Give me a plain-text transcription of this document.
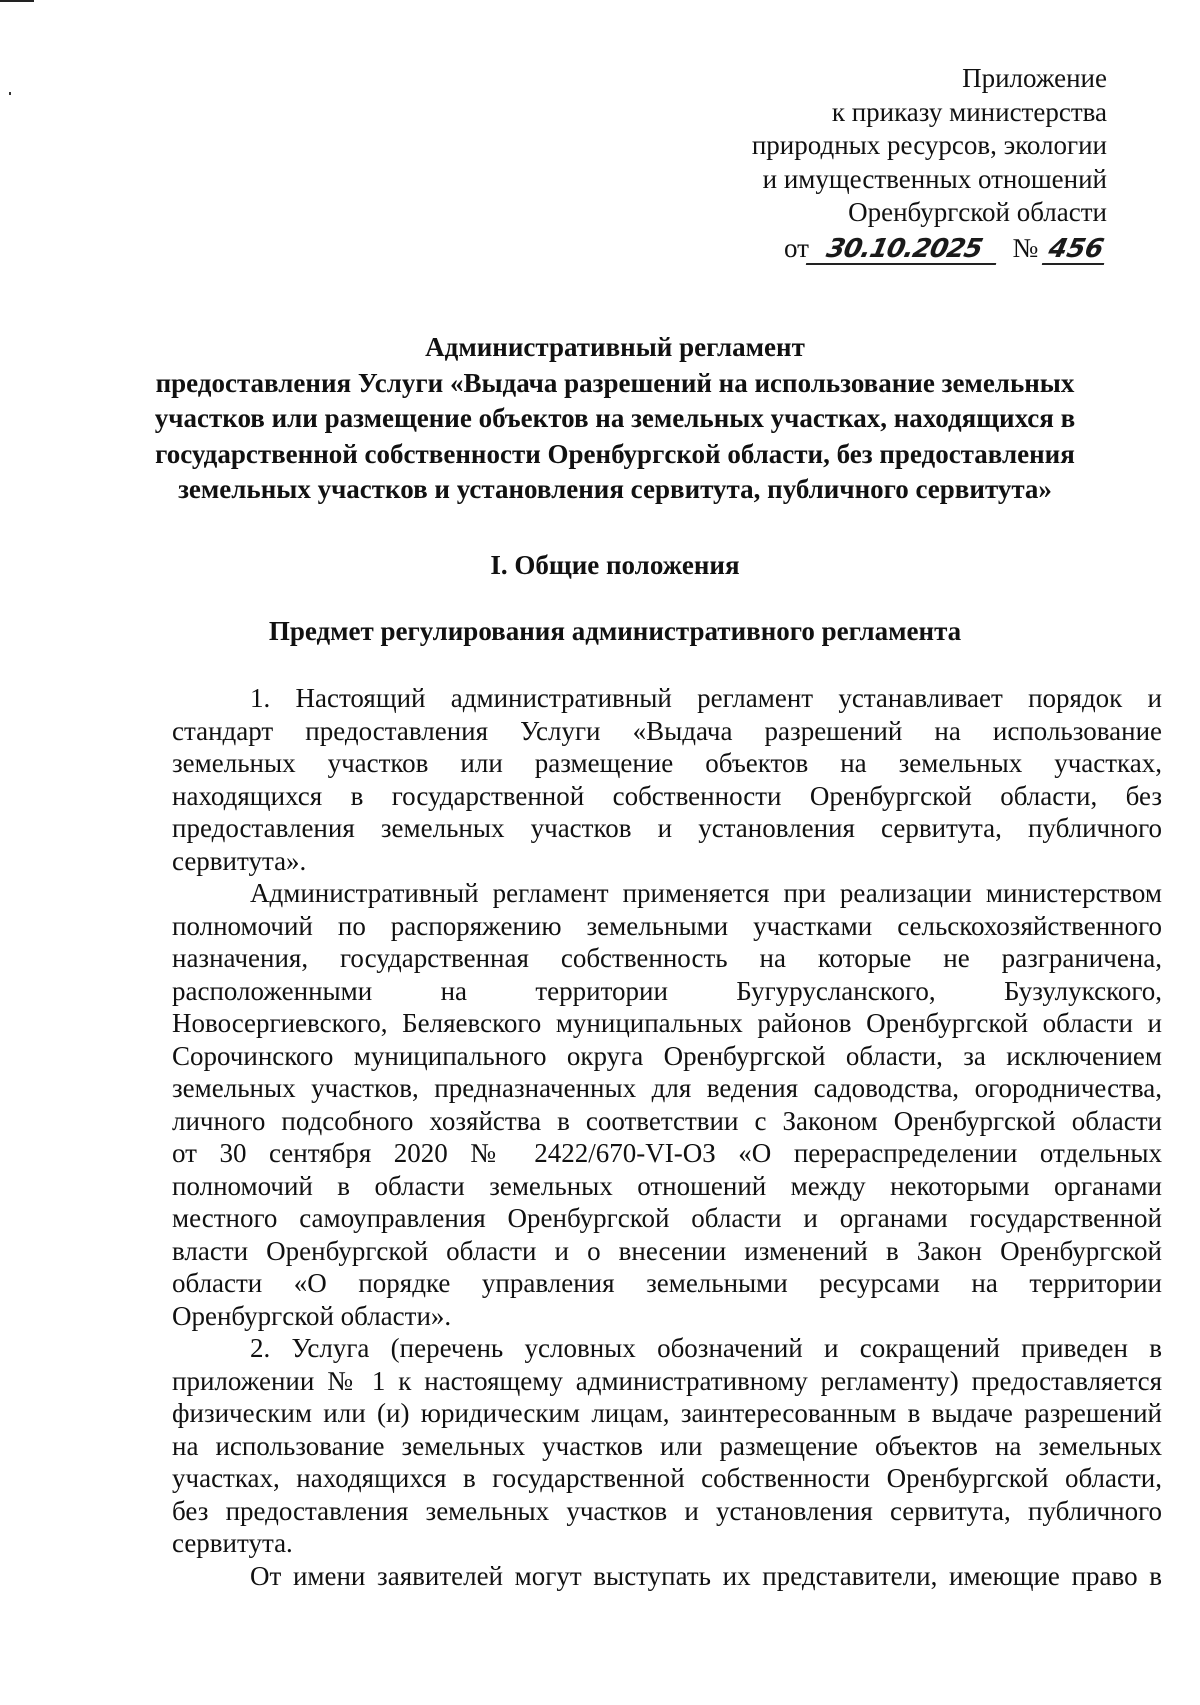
Приложение
к приказу министерства
природных ресурсов, экологии
и имущественных отношений
Оренбургской области
от 30.10.2025 № 456
Административный регламент
предоставления Услуги «Выдача разрешений на использование земельных
участков или размещение объектов на земельных участках, находящихся в
государственной собственности Оренбургской области, без предоставления
земельных участков и установления сервитута, публичного сервитута»
I. Общие положения
Предмет регулирования административного регламента
1. Настоящий административный регламент устанавливает порядок и
стандарт предоставления Услуги «Выдача разрешений на использование
земельных участков или размещение объектов на земельных участках,
находящихся в государственной собственности Оренбургской области, без
предоставления земельных участков и установления сервитута, публичного
сервитута».
Административный регламент применяется при реализации министерством
полномочий по распоряжению земельными участками сельскохозяйственного
назначения, государственная собственность на которые не разграничена,
расположенными на территории Бугурусланского, Бузулукского,
Новосергиевского, Беляевского муниципальных районов Оренбургской области и
Сорочинского муниципального округа Оренбургской области, за исключением
земельных участков, предназначенных для ведения садоводства, огородничества,
личного подсобного хозяйства в соответствии с Законом Оренбургской области
от 30 сентября 2020 № 2422/670-VI-ОЗ «О перераспределении отдельных
полномочий в области земельных отношений между некоторыми органами
местного самоуправления Оренбургской области и органами государственной
власти Оренбургской области и о внесении изменений в Закон Оренбургской
области «О порядке управления земельными ресурсами на территории
Оренбургской области».
2. Услуга (перечень условных обозначений и сокращений приведен в
приложении № 1 к настоящему административному регламенту) предоставляется
физическим или (и) юридическим лицам, заинтересованным в выдаче разрешений
на использование земельных участков или размещение объектов на земельных
участках, находящихся в государственной собственности Оренбургской области,
без предоставления земельных участков и установления сервитута, публичного
сервитута.
От имени заявителей могут выступать их представители, имеющие право в
